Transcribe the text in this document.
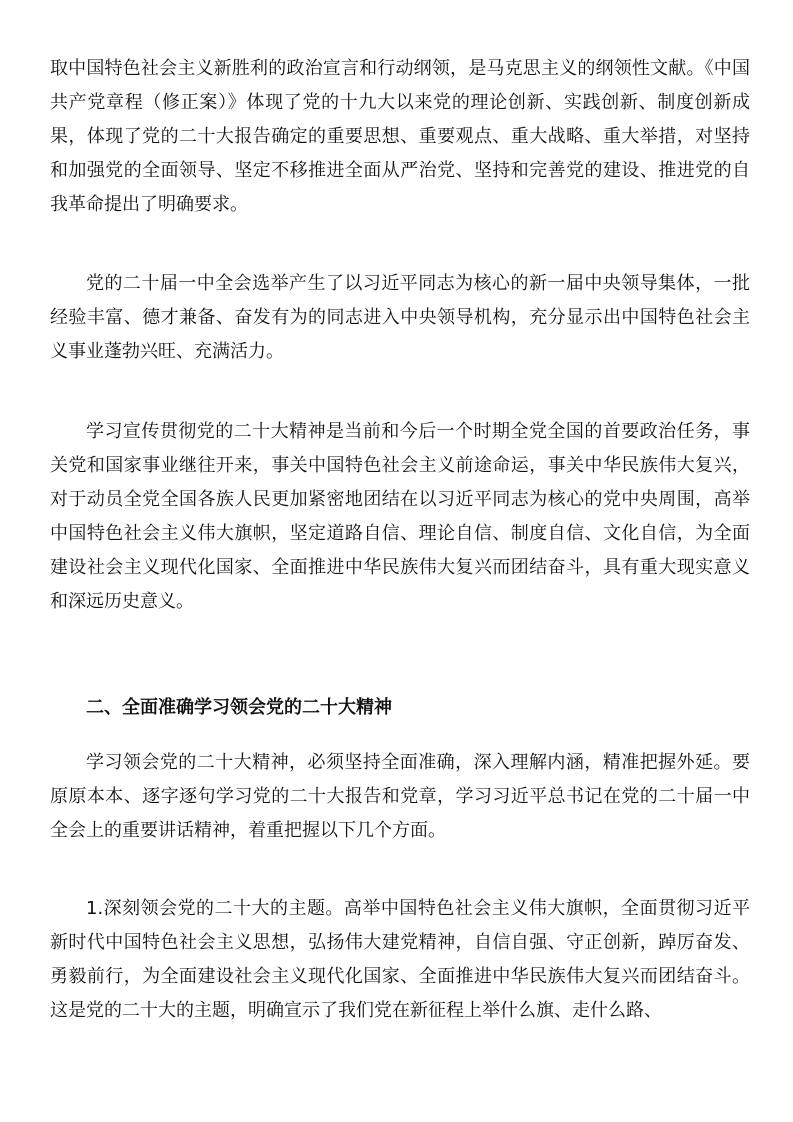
取中国特色社会主义新胜利的政治宣言和行动纲领，是马克思主义的纲领性文献。《中国共产党章程（修正案）》体现了党的十九大以来党的理论创新、实践创新、制度创新成果，体现了党的二十大报告确定的重要思想、重要观点、重大战略、重大举措，对坚持和加强党的全面领导、坚定不移推进全面从严治党、坚持和完善党的建设、推进党的自我革命提出了明确要求。

党的二十届一中全会选举产生了以习近平同志为核心的新一届中央领导集体，一批经验丰富、德才兼备、奋发有为的同志进入中央领导机构，充分显示出中国特色社会主义事业蓬勃兴旺、充满活力。

学习宣传贯彻党的二十大精神是当前和今后一个时期全党全国的首要政治任务，事关党和国家事业继往开来，事关中国特色社会主义前途命运，事关中华民族伟大复兴，对于动员全党全国各族人民更加紧密地团结在以习近平同志为核心的党中央周围，高举中国特色社会主义伟大旗帜，坚定道路自信、理论自信、制度自信、文化自信，为全面建设社会主义现代化国家、全面推进中华民族伟大复兴而团结奋斗，具有重大现实意义和深远历史意义。

二、全面准确学习领会党的二十大精神

学习领会党的二十大精神，必须坚持全面准确，深入理解内涵，精准把握外延。要原原本本、逐字逐句学习党的二十大报告和党章，学习习近平总书记在党的二十届一中全会上的重要讲话精神，着重把握以下几个方面。

1.深刻领会党的二十大的主题。高举中国特色社会主义伟大旗帜，全面贯彻习近平新时代中国特色社会主义思想，弘扬伟大建党精神，自信自强、守正创新，踔厉奋发、勇毅前行，为全面建设社会主义现代化国家、全面推进中华民族伟大复兴而团结奋斗。这是党的二十大的主题，明确宣示了我们党在新征程上举什么旗、走什么路、
